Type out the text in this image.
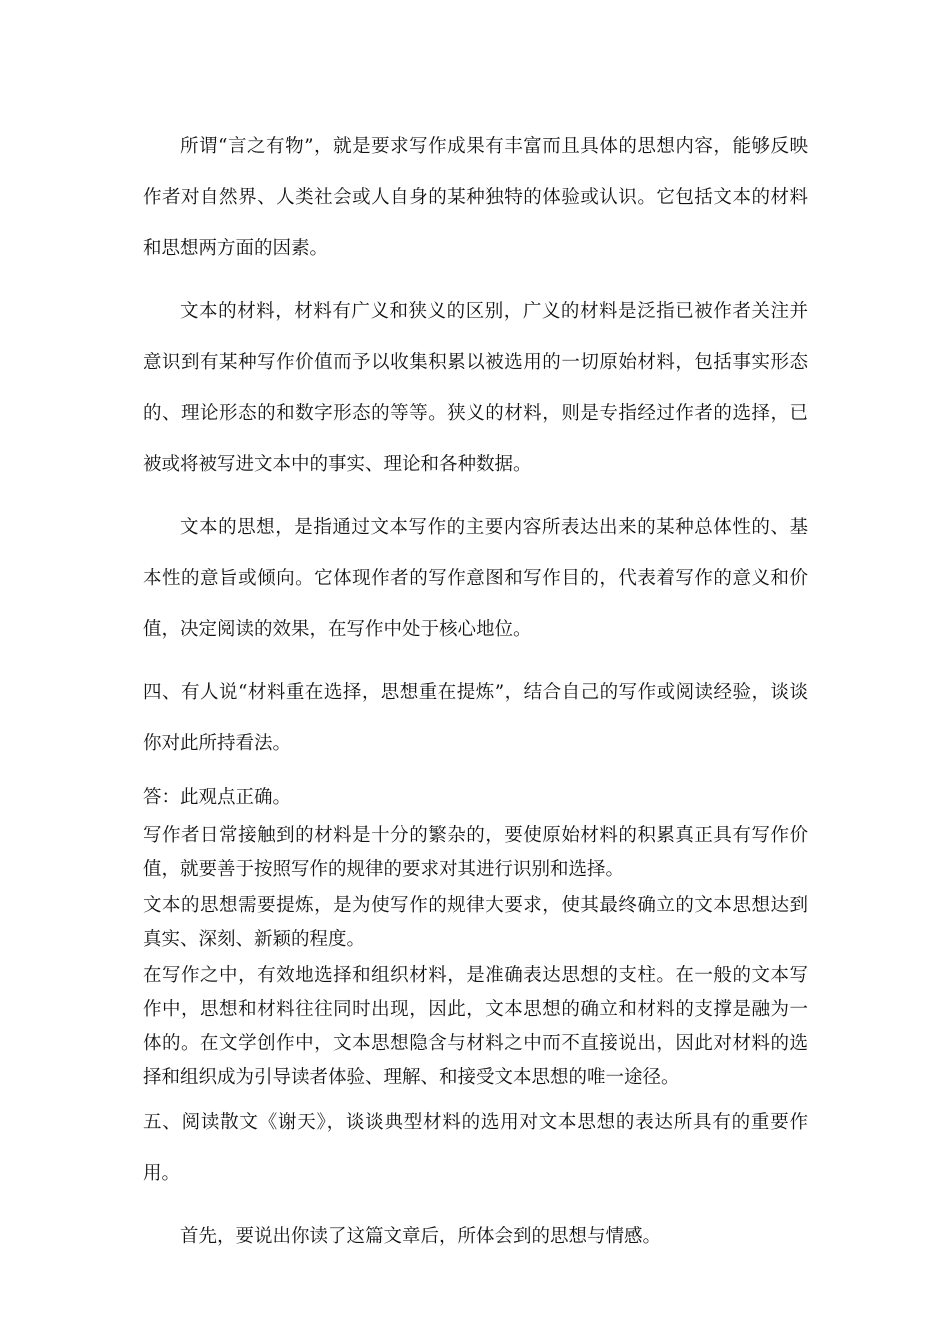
所谓“言之有物”，就是要求写作成果有丰富而且具体的思想内容，能够反映作者对自然界、人类社会或人自身的某种独特的体验或认识。它包括文本的材料和思想两方面的因素。

文本的材料，材料有广义和狭义的区别，广义的材料是泛指已被作者关注并意识到有某种写作价值而予以收集积累以被选用的一切原始材料，包括事实形态的、理论形态的和数字形态的等等。狭义的材料，则是专指经过作者的选择，已被或将被写进文本中的事实、理论和各种数据。

文本的思想，是指通过文本写作的主要内容所表达出来的某种总体性的、基本性的意旨或倾向。它体现作者的写作意图和写作目的，代表着写作的意义和价值，决定阅读的效果，在写作中处于核心地位。

四、有人说“材料重在选择，思想重在提炼”，结合自己的写作或阅读经验，谈谈你对此所持看法。

答：此观点正确。

写作者日常接触到的材料是十分的繁杂的，要使原始材料的积累真正具有写作价值，就要善于按照写作的规律的要求对其进行识别和选择。

文本的思想需要提炼，是为使写作的规律大要求，使其最终确立的文本思想达到真实、深刻、新颖的程度。

在写作之中，有效地选择和组织材料，是准确表达思想的支柱。在一般的文本写作中，思想和材料往往同时出现，因此，文本思想的确立和材料的支撑是融为一体的。在文学创作中，文本思想隐含与材料之中而不直接说出，因此对材料的选择和组织成为引导读者体验、理解、和接受文本思想的唯一途径。

五、阅读散文《谢天》，谈谈典型材料的选用对文本思想的表达所具有的重要作用。

首先，要说出你读了这篇文章后，所体会到的思想与情感。
